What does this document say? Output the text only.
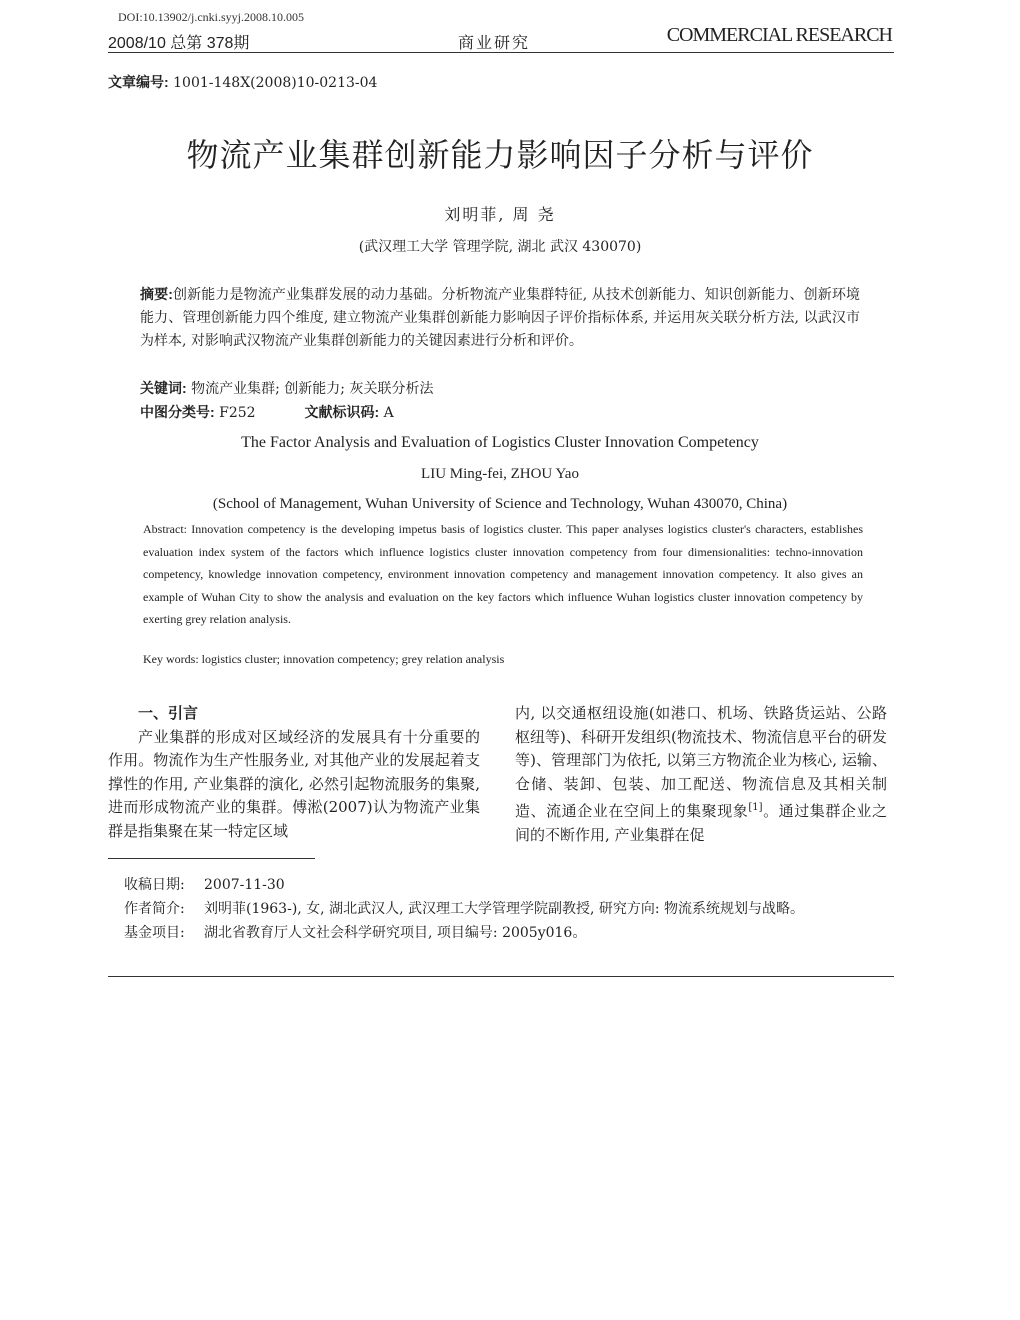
DOI:10.13902/j.cnki.syyj.2008.10.005
2008/10 总第 378期	商业研究	COMMERCIAL RESEARCH
文章编号: 1001-148X(2008)10-0213-04
物流产业集群创新能力影响因子分析与评价
刘明菲, 周 尧
(武汉理工大学 管理学院, 湖北 武汉 430070)
摘要:创新能力是物流产业集群发展的动力基础。分析物流产业集群特征, 从技术创新能力、知识创新能力、创新环境能力、管理创新能力四个维度, 建立物流产业集群创新能力影响因子评价指标体系, 并运用灰关联分析方法, 以武汉市为样本, 对影响武汉物流产业集群创新能力的关键因素进行分析和评价。
关键词: 物流产业集群; 创新能力; 灰关联分析法
中图分类号: F252	文献标识码: A
The Factor Analysis and Evaluation of Logistics Cluster Innovation Competency
LIU Ming-fei, ZHOU Yao
(School of Management, Wuhan University of Science and Technology, Wuhan 430070, China)
Abstract: Innovation competency is the developing impetus basis of logistics cluster. This paper analyses logistics cluster's characters, establishes evaluation index system of the factors which influence logistics cluster innovation competency from four dimensionalities: techno-innovation competency, knowledge innovation competency, environment innovation competency and management innovation competency. It also gives an example of Wuhan City to show the analysis and evaluation on the key factors which influence Wuhan logistics cluster innovation competency by exerting grey relation analysis.
Key words: logistics cluster; innovation competency; grey relation analysis
一、引言
产业集群的形成对区域经济的发展具有十分重要的作用。物流作为生产性服务业, 对其他产业的发展起着支撑性的作用, 产业集群的演化, 必然引起物流服务的集聚, 进而形成物流产业的集群。傅淞(2007)认为物流产业集群是指集聚在某一特定区域
内, 以交通枢纽设施(如港口、机场、铁路货运站、公路枢纽等)、科研开发组织(物流技术、物流信息平台的研发等)、管理部门为依托, 以第三方物流企业为核心, 运输、仓储、装卸、包装、加工配送、物流信息及其相关制造、流通企业在空间上的集聚现象[1]。通过集群企业之间的不断作用, 产业集群在促
收稿日期:	2007-11-30
作者简介:	刘明菲(1963-), 女, 湖北武汉人, 武汉理工大学管理学院副教授, 研究方向: 物流系统规划与战略。
基金项目:	湖北省教育厅人文社会科学研究项目, 项目编号: 2005y016。
